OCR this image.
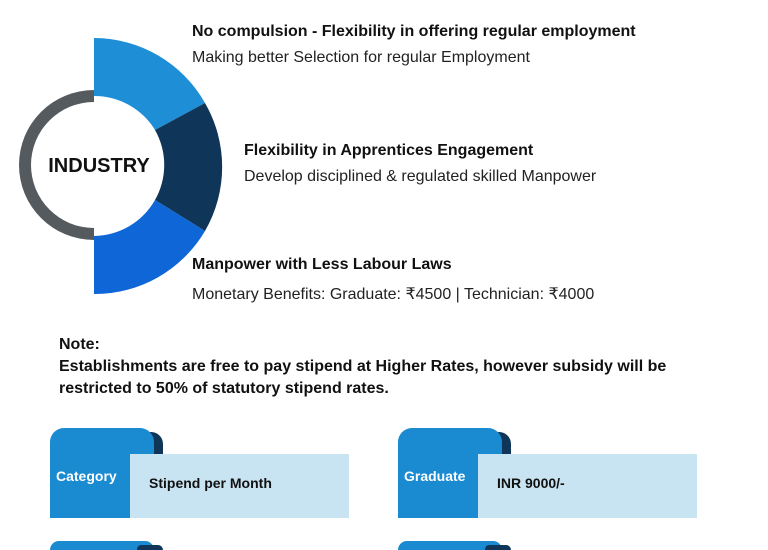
INDUSTRY
No compulsion - Flexibility in offering regular employment
Making better Selection for regular Employment
Flexibility in Apprentices Engagement
Develop disciplined & regulated skilled Manpower
Manpower with Less Labour Laws
Monetary Benefits: Graduate: ₹4500 | Technician: ₹4000
Note:
Establishments are free to pay stipend at Higher Rates, however subsidy will be restricted to 50% of statutory stipend rates.
Category Stipend per Month	Graduate INR 9000/-
